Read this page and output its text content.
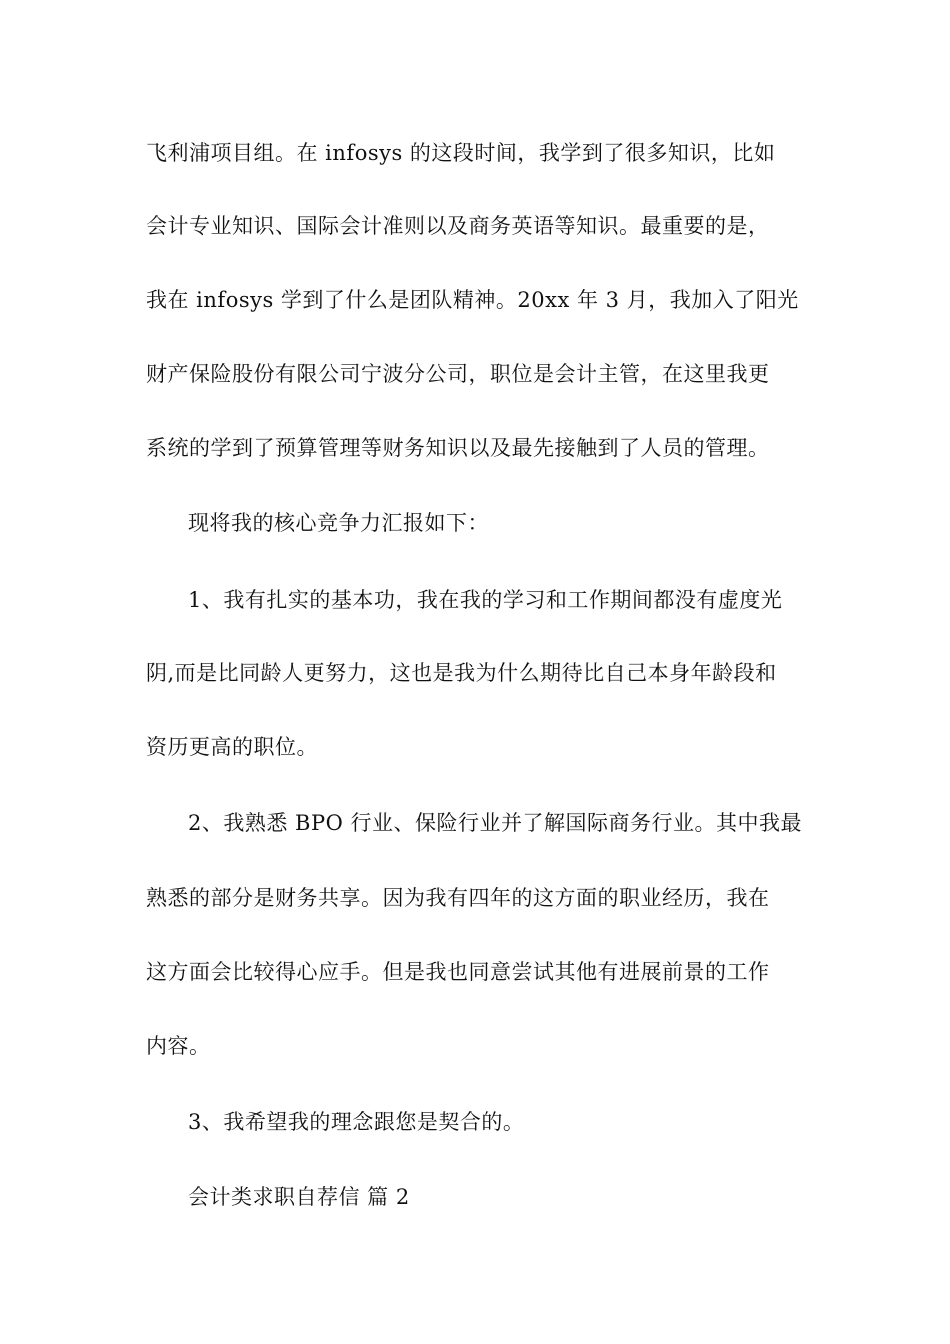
飞利浦项目组。在 infosys 的这段时间，我学到了很多知识，比如
会计专业知识、国际会计准则以及商务英语等知识。最重要的是，
我在 infosys 学到了什么是团队精神。20xx 年 3 月，我加入了阳光
财产保险股份有限公司宁波分公司，职位是会计主管，在这里我更
系统的学到了预算管理等财务知识以及最先接触到了人员的管理。
现将我的核心竞争力汇报如下：
1、我有扎实的基本功，我在我的学习和工作期间都没有虚度光
阴,而是比同龄人更努力，这也是我为什么期待比自己本身年龄段和
资历更高的职位。
2、我熟悉 BPO 行业、保险行业并了解国际商务行业。其中我最
熟悉的部分是财务共享。因为我有四年的这方面的职业经历，我在
这方面会比较得心应手。但是我也同意尝试其他有进展前景的工作
内容。
3、我希望我的理念跟您是契合的。
会计类求职自荐信 篇 2
